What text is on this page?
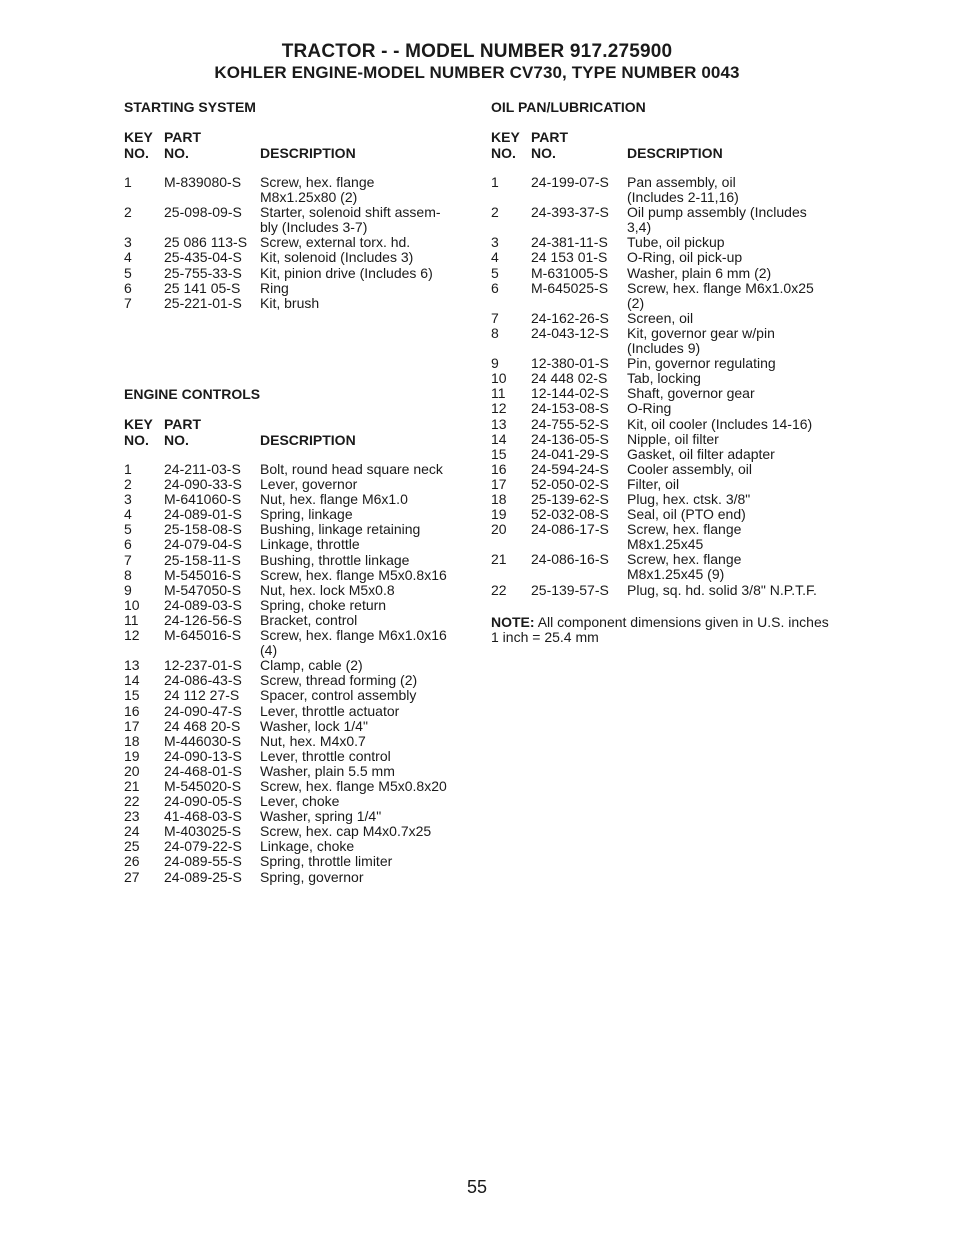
TRACTOR - - MODEL NUMBER 917.275900
KOHLER ENGINE-MODEL NUMBER CV730, TYPE NUMBER 0043
STARTING SYSTEM
KEY PART
NO.	NO.	DESCRIPTION
1	M-839080-S	Screw, hex. flange
M8x1.25x80 (2)
2	25-098-09-S	Starter, solenoid shift assem-
bly (Includes 3-7)
3	25 086 113-S Screw, external torx. hd.
4	25-435-04-S	Kit, solenoid (Includes 3)
5	25-755-33-S	Kit, pinion drive (Includes 6)
6	25 141 05-S	Ring
7	25-221-01-S	Kit, brush
ENGINE CONTROLS
KEY PART
NO.	NO.	DESCRIPTION
1	24-211-03-S	Bolt, round head square neck
2	24-090-33-S	Lever, governor
3	M-641060-S	Nut, hex. flange M6x1.0
4	24-089-01-S	Spring, linkage
5	25-158-08-S	Bushing, linkage retaining
6	24-079-04-S	Linkage, throttle
7	25-158-11-S	Bushing, throttle linkage
8	M-545016-S	Screw, hex. flange M5x0.8x16
9	M-547050-S	Nut, hex. lock M5x0.8
10	24-089-03-S	Spring, choke return
11	24-126-56-S	Bracket, control
12	M-645016-S	Screw, hex. flange M6x1.0x16
(4)
13	12-237-01-S	Clamp, cable (2)
14	24-086-43-S	Screw, thread forming (2)
15	24 112 27-S	Spacer, control assembly
16	24-090-47-S	Lever, throttle actuator
17	24 468 20-S	Washer, lock 1/4"
18	M-446030-S	Nut, hex. M4x0.7
19	24-090-13-S	Lever, throttle control
20	24-468-01-S	Washer, plain 5.5 mm
21	M-545020-S	Screw, hex. flange M5x0.8x20
22	24-090-05-S	Lever, choke
23	41-468-03-S	Washer, spring 1/4"
24	M-403025-S	Screw, hex. cap M4x0.7x25
25	24-079-22-S	Linkage, choke
26	24-089-55-S	Spring, throttle limiter
27	24-089-25-S	Spring, governor
OIL PAN/LUBRICATION
KEY PART
NO.	NO.	DESCRIPTION
1	24-199-07-S	Pan assembly, oil
(Includes 2-11,16)
2	24-393-37-S	Oil pump assembly (Includes
3,4)
3	24-381-11-S	Tube, oil pickup
4	24 153 01-S	O-Ring, oil pick-up
5	M-631005-S	Washer, plain 6 mm (2)
6	M-645025-S	Screw, hex. flange M6x1.0x25
(2)
7	24-162-26-S	Screen, oil
8	24-043-12-S	Kit, governor gear w/pin
(Includes 9)
9	12-380-01-S	Pin, governor regulating
10	24 448 02-S	Tab, locking
11	12-144-02-S	Shaft, governor gear
12	24-153-08-S	O-Ring
13	24-755-52-S	Kit, oil cooler (Includes 14-16)
14	24-136-05-S	Nipple, oil filter
15	24-041-29-S	Gasket, oil filter adapter
16	24-594-24-S	Cooler assembly, oil
17	52-050-02-S	Filter, oil
18	25-139-62-S	Plug, hex. ctsk. 3/8"
19	52-032-08-S	Seal, oil (PTO end)
20	24-086-17-S	Screw, hex. flange
M8x1.25x45
21	24-086-16-S	Screw, hex. flange
M8x1.25x45 (9)
22	25-139-57-S	Plug, sq. hd. solid 3/8" N.P.T.F.
NOTE: All component dimensions given in U.S. inches 1 inch = 25.4 mm
55
